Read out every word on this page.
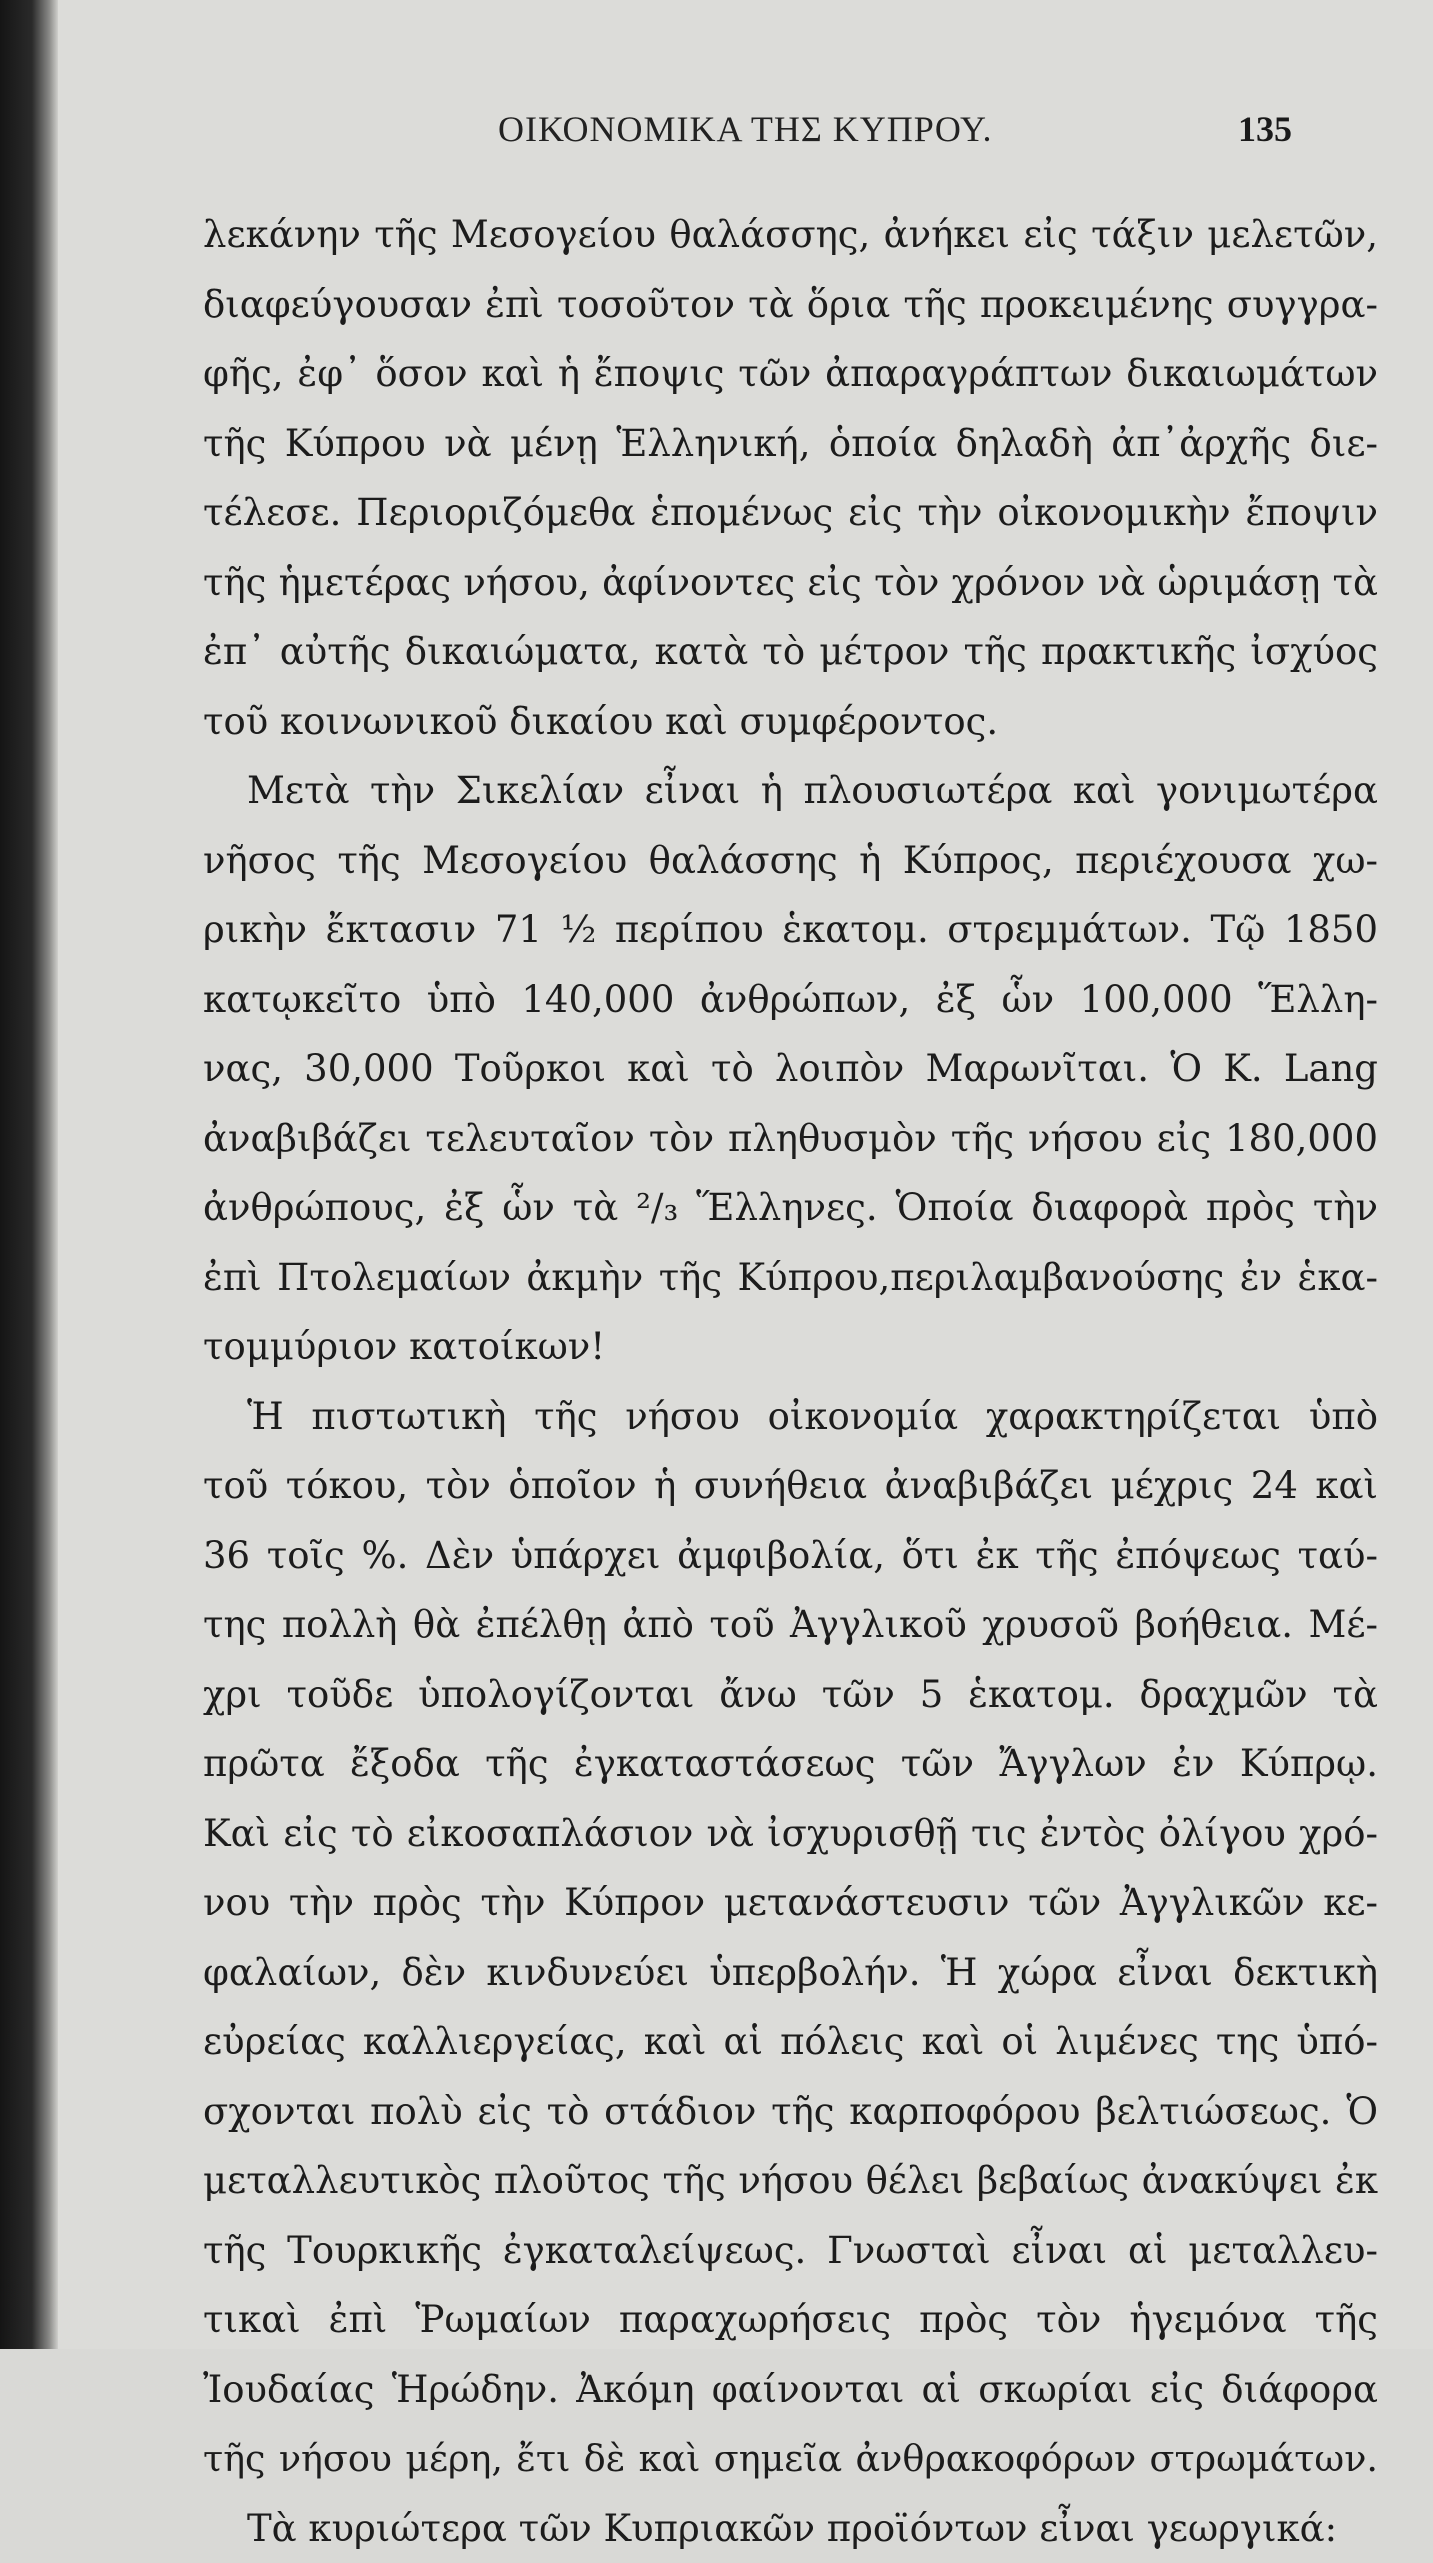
ΟΙΚΟΝΟΜΙΚΑ ΤΗΣ ΚΥΠΡΟΥ.	135
λεκάνην τῆς Μεσογείου θαλάσσης, ἀνήκει εἰς τάξιν μελετῶν,
διαφεύγουσαν ἐπὶ τοσοῦτον τὰ ὅρια τῆς προκειμένης συγγρα-
φῆς, ἐφ᾽ ὅσον καὶ ἡ ἔποψις τῶν ἀπαραγράπτων δικαιωμάτων
τῆς Κύπρου νὰ μένῃ Ἑλληνική, ὁποία δηλαδὴ ἀπ᾽ἀρχῆς διε-
τέλεσε. Περιοριζόμεθα ἑπομένως εἰς τὴν οἰκονομικὴν ἔποψιν
τῆς ἡμετέρας νήσου, ἀφίνοντες εἰς τὸν χρόνον νὰ ὡριμάσῃ τὰ
ἐπ᾽ αὐτῆς δικαιώματα, κατὰ τὸ μέτρον τῆς πρακτικῆς ἰσχύος
τοῦ κοινωνικοῦ δικαίου καὶ συμφέροντος.
Μετὰ τὴν Σικελίαν εἶναι ἡ πλουσιωτέρα καὶ γονιμωτέρα
νῆσος τῆς Μεσογείου θαλάσσης ἡ Κύπρος, περιέχουσα χω-
ρικὴν ἔκτασιν 71 ½ περίπου ἑκατομ. στρεμμάτων. Τῷ 1850
κατῳκεῖτο ὑπὸ 140,000 ἀνθρώπων, ἐξ ὧν 100,000 Ἕλλη-
νας, 30,000 Τοῦρκοι καὶ τὸ λοιπὸν Μαρωνῖται. Ὁ Κ. Lang
ἀναβιβάζει τελευταῖον τὸν πληθυσμὸν τῆς νήσου εἰς 180,000
ἀνθρώπους, ἐξ ὧν τὰ ²/₃ Ἕλληνες. Ὁποία διαφορὰ πρὸς τὴν
ἐπὶ Πτολεμαίων ἀκμὴν τῆς Κύπρου,περιλαμβανούσης ἐν ἑκα-
τομμύριον κατοίκων!
Ἡ πιστωτικὴ τῆς νήσου οἰκονομία χαρακτηρίζεται ὑπὸ
τοῦ τόκου, τὸν ὁποῖον ἡ συνήθεια ἀναβιβάζει μέχρις 24 καὶ
36 τοῖς %. Δὲν ὑπάρχει ἀμφιβολία, ὅτι ἐκ τῆς ἐπόψεως ταύ-
της πολλὴ θὰ ἐπέλθῃ ἀπὸ τοῦ Ἀγγλικοῦ χρυσοῦ βοήθεια. Μέ-
χρι τοῦδε ὑπολογίζονται ἄνω τῶν 5 ἑκατομ. δραχμῶν τὰ
πρῶτα ἔξοδα τῆς ἐγκαταστάσεως τῶν Ἄγγλων ἐν Κύπρῳ.
Καὶ εἰς τὸ εἰκοσαπλάσιον νὰ ἰσχυρισθῇ τις ἐντὸς ὀλίγου χρό-
νου τὴν πρὸς τὴν Κύπρον μετανάστευσιν τῶν Ἀγγλικῶν κε-
φαλαίων, δὲν κινδυνεύει ὑπερβολήν. Ἡ χώρα εἶναι δεκτικὴ
εὐρείας καλλιεργείας, καὶ αἱ πόλεις καὶ οἱ λιμένες της ὑπό-
σχονται πολὺ εἰς τὸ στάδιον τῆς καρποφόρου βελτιώσεως. Ὁ
μεταλλευτικὸς πλοῦτος τῆς νήσου θέλει βεβαίως ἀνακύψει ἐκ
τῆς Τουρκικῆς ἐγκαταλείψεως. Γνωσταὶ εἶναι αἱ μεταλλευ-
τικαὶ ἐπὶ Ῥωμαίων παραχωρήσεις πρὸς τὸν ἡγεμόνα τῆς
Ἰουδαίας Ἡρώδην. Ἀκόμη φαίνονται αἱ σκωρίαι εἰς διάφορα
τῆς νήσου μέρη, ἔτι δὲ καὶ σημεῖα ἀνθρακοφόρων στρωμάτων.
Τὰ κυριώτερα τῶν Κυπριακῶν προϊόντων εἶναι γεωργικά:
